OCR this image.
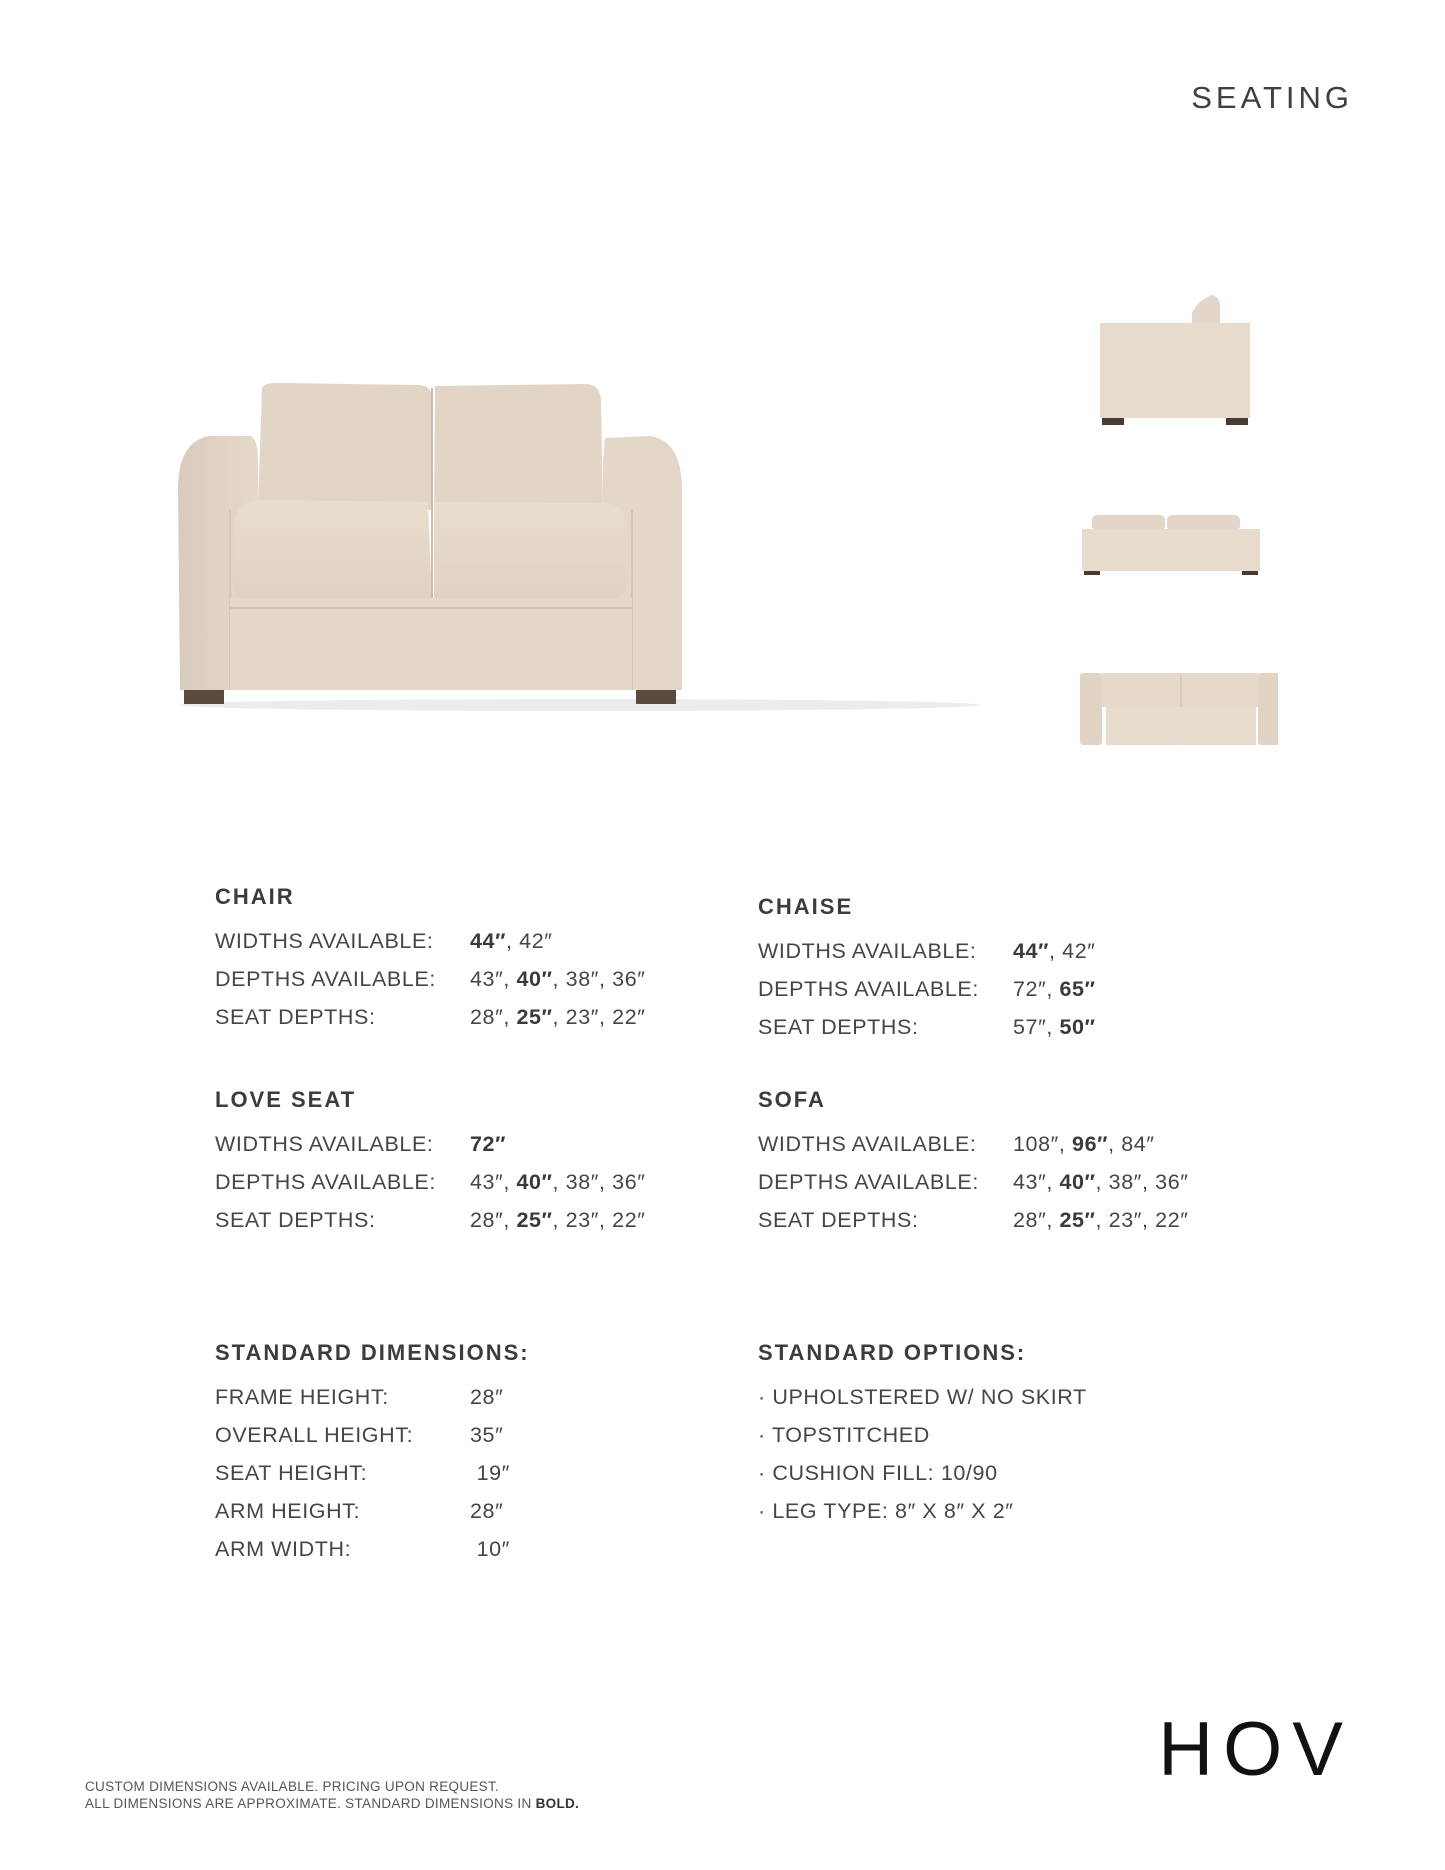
SEATING
CHAIR
WIDTHS AVAILABLE:	44″, 42″
DEPTHS AVAILABLE:	43″, 40″, 38″, 36″
SEAT DEPTHS:	28″, 25″, 23″, 22″
CHAISE
WIDTHS AVAILABLE:	44″, 42″
DEPTHS AVAILABLE:	72″, 65″
SEAT DEPTHS:	57″, 50″
LOVE SEAT
WIDTHS AVAILABLE:	72″
DEPTHS AVAILABLE:	43″, 40″, 38″, 36″
SEAT DEPTHS:	28″, 25″, 23″, 22″
SOFA
WIDTHS AVAILABLE:	108″, 96″, 84″
DEPTHS AVAILABLE:	43″, 40″, 38″, 36″
SEAT DEPTHS:	28″, 25″, 23″, 22″
STANDARD DIMENSIONS:
FRAME HEIGHT:	28″
OVERALL HEIGHT:	35″
SEAT HEIGHT:	19″
ARM HEIGHT:	28″
ARM WIDTH:	10″
STANDARD OPTIONS:
· UPHOLSTERED W/ NO SKIRT
· TOPSTITCHED
· CUSHION FILL: 10/90
· LEG TYPE: 8″ X 8″ X 2″
CUSTOM DIMENSIONS AVAILABLE. PRICING UPON REQUEST.
ALL DIMENSIONS ARE APPROXIMATE. STANDARD DIMENSIONS IN BOLD.
HOV
